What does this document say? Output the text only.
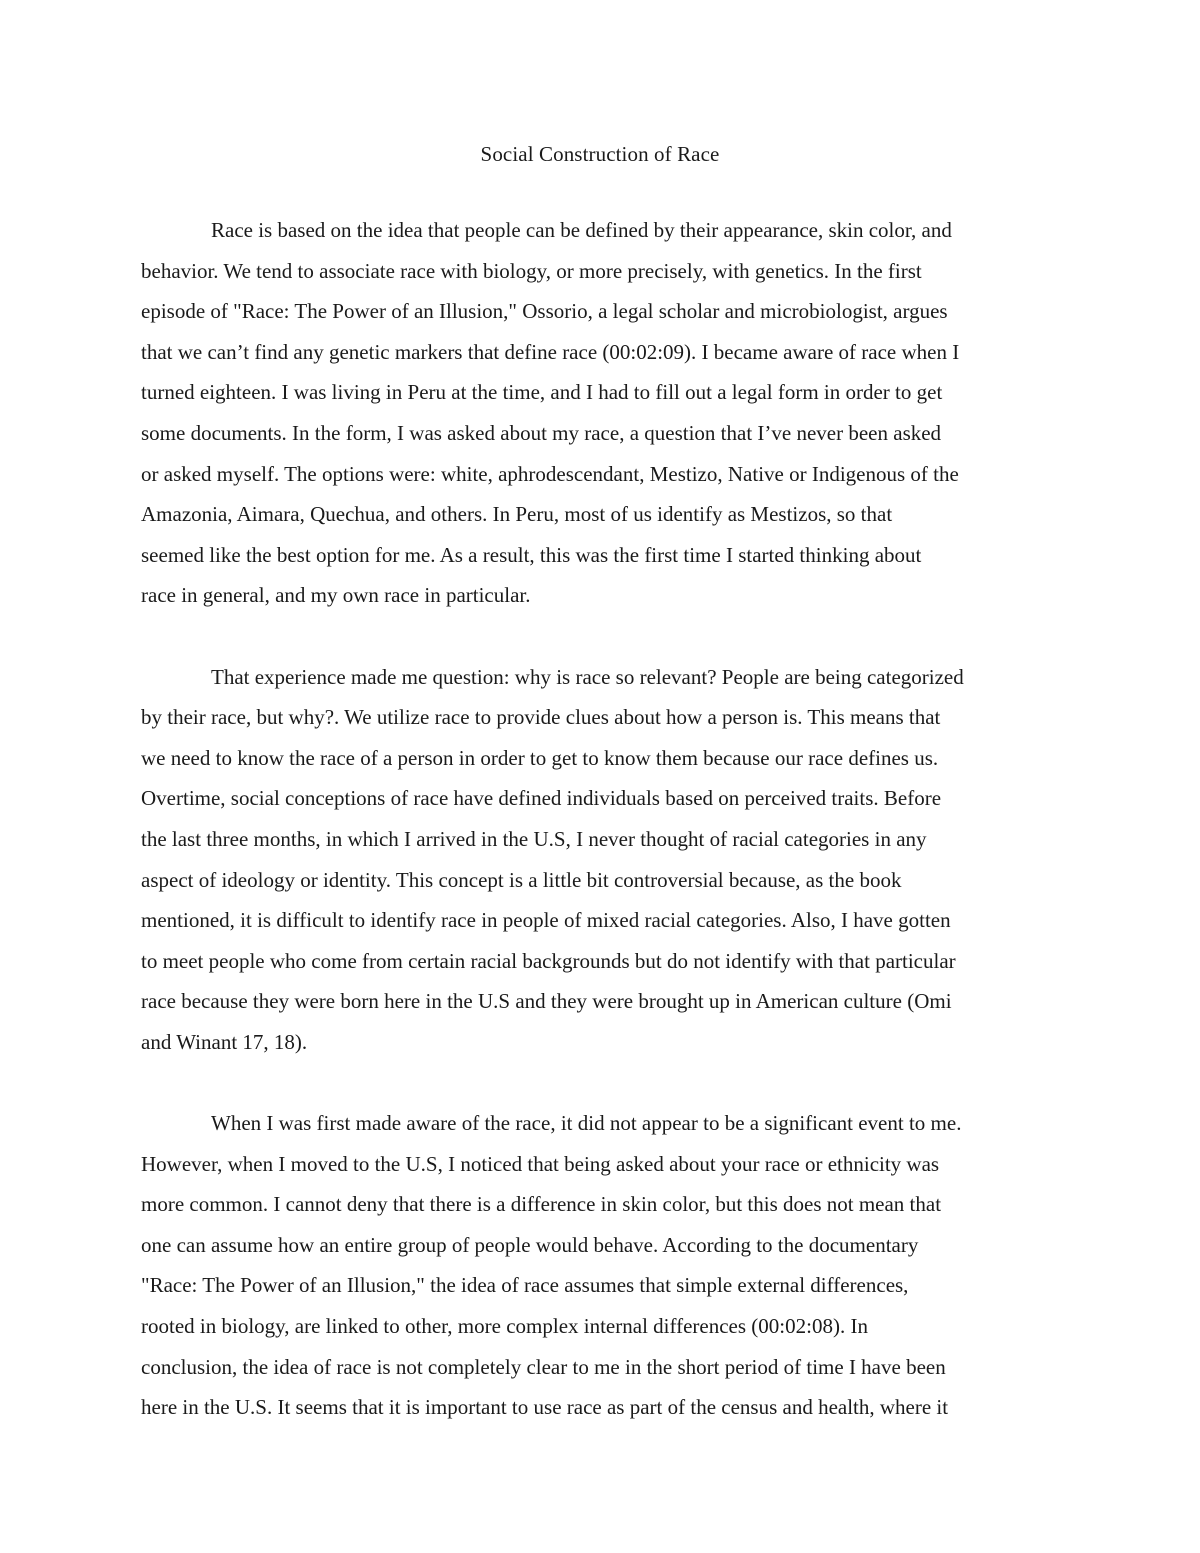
Social Construction of Race

Race is based on the idea that people can be defined by their appearance, skin color, and
behavior. We tend to associate race with biology, or more precisely, with genetics. In the first
episode of "Race: The Power of an Illusion," Ossorio, a legal scholar and microbiologist, argues
that we can’t find any genetic markers that define race (00:02:09). I became aware of race when I
turned eighteen. I was living in Peru at the time, and I had to fill out a legal form in order to get
some documents. In the form, I was asked about my race, a question that I’ve never been asked
or asked myself. The options were: white, aphrodescendant, Mestizo, Native or Indigenous of the
Amazonia, Aimara, Quechua, and others. In Peru, most of us identify as Mestizos, so that
seemed like the best option for me. As a result, this was the first time I started thinking about
race in general, and my own race in particular.

That experience made me question: why is race so relevant? People are being categorized
by their race, but why?. We utilize race to provide clues about how a person is. This means that
we need to know the race of a person in order to get to know them because our race defines us.
Overtime, social conceptions of race have defined individuals based on perceived traits. Before
the last three months, in which I arrived in the U.S, I never thought of racial categories in any
aspect of ideology or identity. This concept is a little bit controversial because, as the book
mentioned, it is difficult to identify race in people of mixed racial categories. Also, I have gotten
to meet people who come from certain racial backgrounds but do not identify with that particular
race because they were born here in the U.S and they were brought up in American culture (Omi
and Winant 17, 18).

When I was first made aware of the race, it did not appear to be a significant event to me.
However, when I moved to the U.S, I noticed that being asked about your race or ethnicity was
more common. I cannot deny that there is a difference in skin color, but this does not mean that
one can assume how an entire group of people would behave. According to the documentary
"Race: The Power of an Illusion," the idea of race assumes that simple external differences,
rooted in biology, are linked to other, more complex internal differences (00:02:08). In
conclusion, the idea of race is not completely clear to me in the short period of time I have been
here in the U.S. It seems that it is important to use race as part of the census and health, where it
